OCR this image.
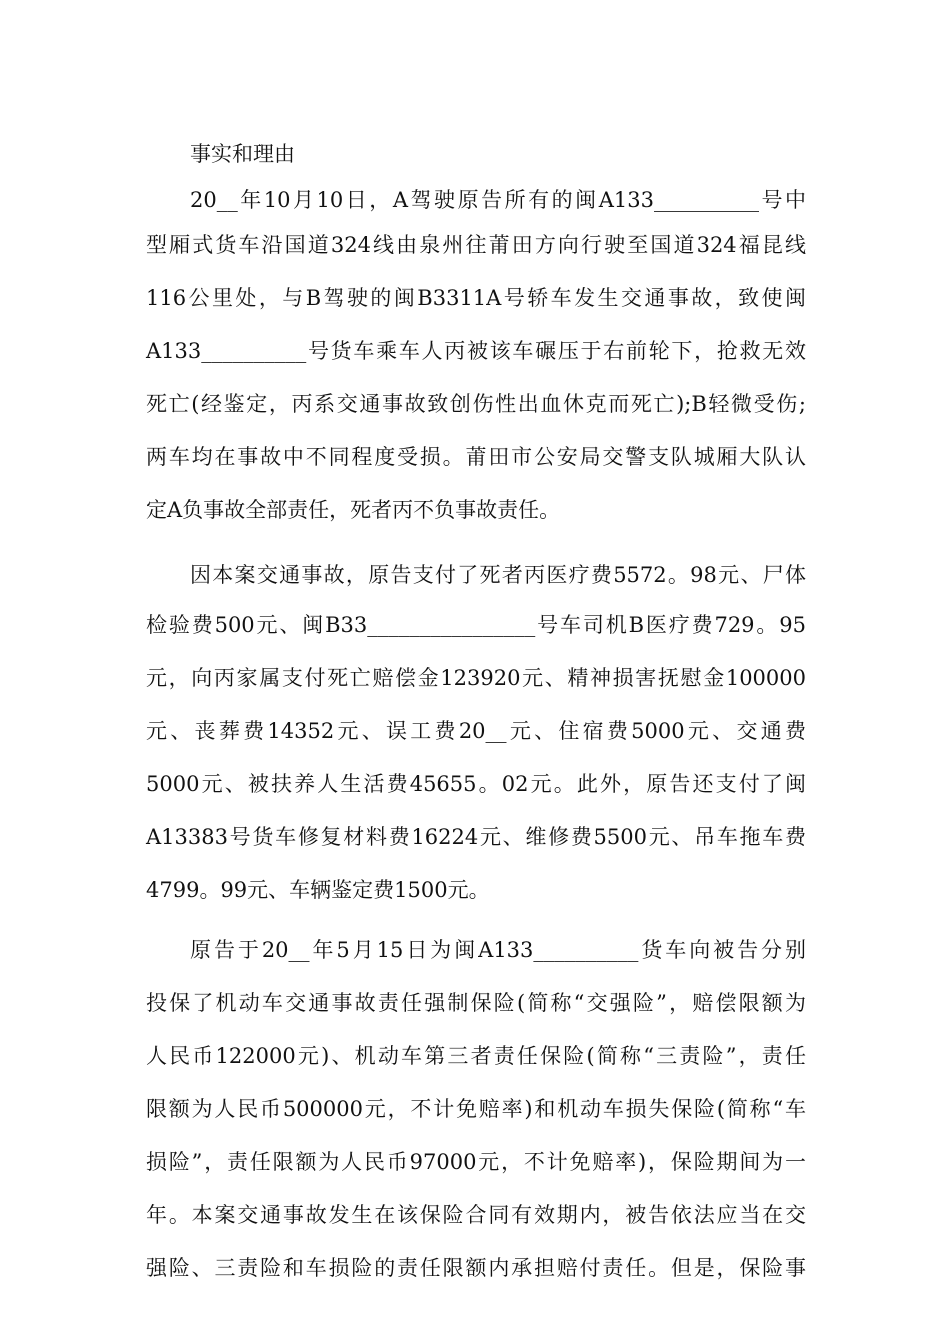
事实和理由
20__年10月10日，A驾驶原告所有的闽A133__________号中
型厢式货车沿国道324线由泉州往莆田方向行驶至国道324福昆线
116公里处，与B驾驶的闽B3311A号轿车发生交通事故，致使闽
A133__________号货车乘车人丙被该车碾压于右前轮下，抢救无效
死亡(经鉴定，丙系交通事故致创伤性出血休克而死亡);B轻微受伤;
两车均在事故中不同程度受损。莆田市公安局交警支队城厢大队认
定A负事故全部责任，死者丙不负事故责任。
因本案交通事故，原告支付了死者丙医疗费5572。98元、尸体
检验费500元、闽B33________________号车司机B医疗费729。95
元，向丙家属支付死亡赔偿金123920元、精神损害抚慰金100000
元、丧葬费14352元、误工费20__元、住宿费5000元、交通费
5000元、被扶养人生活费45655。02元。此外，原告还支付了闽
A13383号货车修复材料费16224元、维修费5500元、吊车拖车费
4799。99元、车辆鉴定费1500元。
原告于20__年5月15日为闽A133__________货车向被告分别
投保了机动车交通事故责任强制保险(简称“交强险”，赔偿限额为
人民币122000元)、机动车第三者责任保险(简称“三责险”，责任
限额为人民币500000元，不计免赔率)和机动车损失保险(简称“车
损险”，责任限额为人民币97000元，不计免赔率)，保险期间为一
年。本案交通事故发生在该保险合同有效期内，被告依法应当在交
强险、三责险和车损险的责任限额内承担赔付责任。但是，保险事
